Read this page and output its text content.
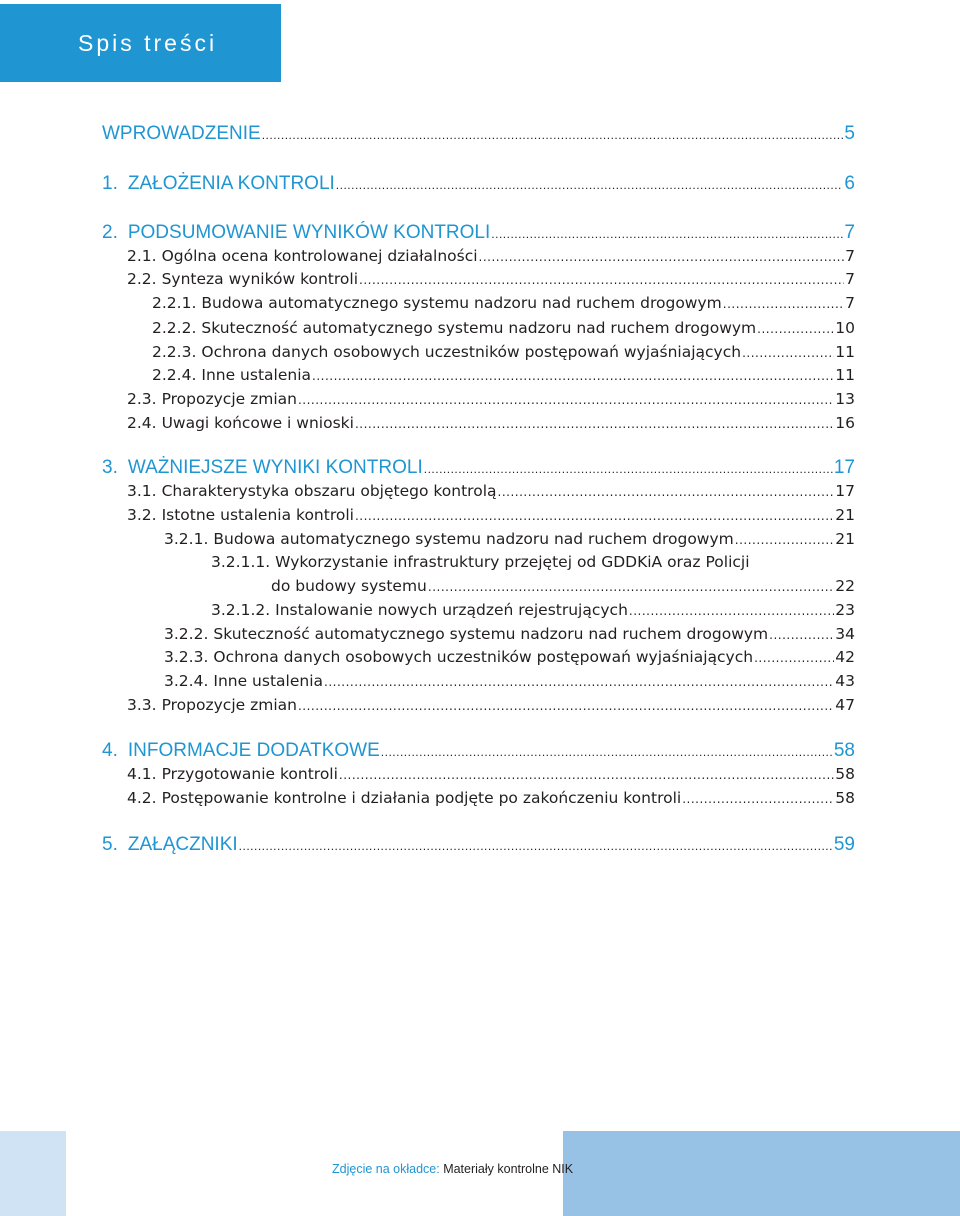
Spis treści
WPROWADZENIE .....	5
1. ZAŁOŻENIA KONTROLI .....	6
2. PODSUMOWANIE WYNIKÓW KONTROLI .....	7
2.1. Ogólna ocena kontrolowanej działalności .....	7
2.2. Synteza wyników kontroli .....	7
2.2.1. Budowa automatycznego systemu nadzoru nad ruchem drogowym .....	7
2.2.2. Skuteczność automatycznego systemu nadzoru nad ruchem drogowym .....	10
2.2.3. Ochrona danych osobowych uczestników postępowań wyjaśniających .....	11
2.2.4. Inne ustalenia .....	11
2.3. Propozycje zmian .....	13
2.4. Uwagi końcowe i wnioski .....	16
3. WAŻNIEJSZE WYNIKI KONTROLI .....	17
3.1. Charakterystyka obszaru objętego kontrolą .....	17
3.2. Istotne ustalenia kontroli .....	21
3.2.1. Budowa automatycznego systemu nadzoru nad ruchem drogowym .....	21
3.2.1.1. Wykorzystanie infrastruktury przejętej od GDDKiA oraz Policji
do budowy systemu .....	22
3.2.1.2. Instalowanie nowych urządzeń rejestrujących .....	23
3.2.2. Skuteczność automatycznego systemu nadzoru nad ruchem drogowym .....	34
3.2.3. Ochrona danych osobowych uczestników postępowań wyjaśniających .....	42
3.2.4. Inne ustalenia .....	43
3.3. Propozycje zmian .....	47
4. INFORMACJE DODATKOWE .....	58
4.1. Przygotowanie kontroli .....	58
4.2. Postępowanie kontrolne i działania podjęte po zakończeniu kontroli .....	58
5. ZAŁĄCZNIKI .....	59
Zdjęcie na okładce: Materiały kontrolne NIK
